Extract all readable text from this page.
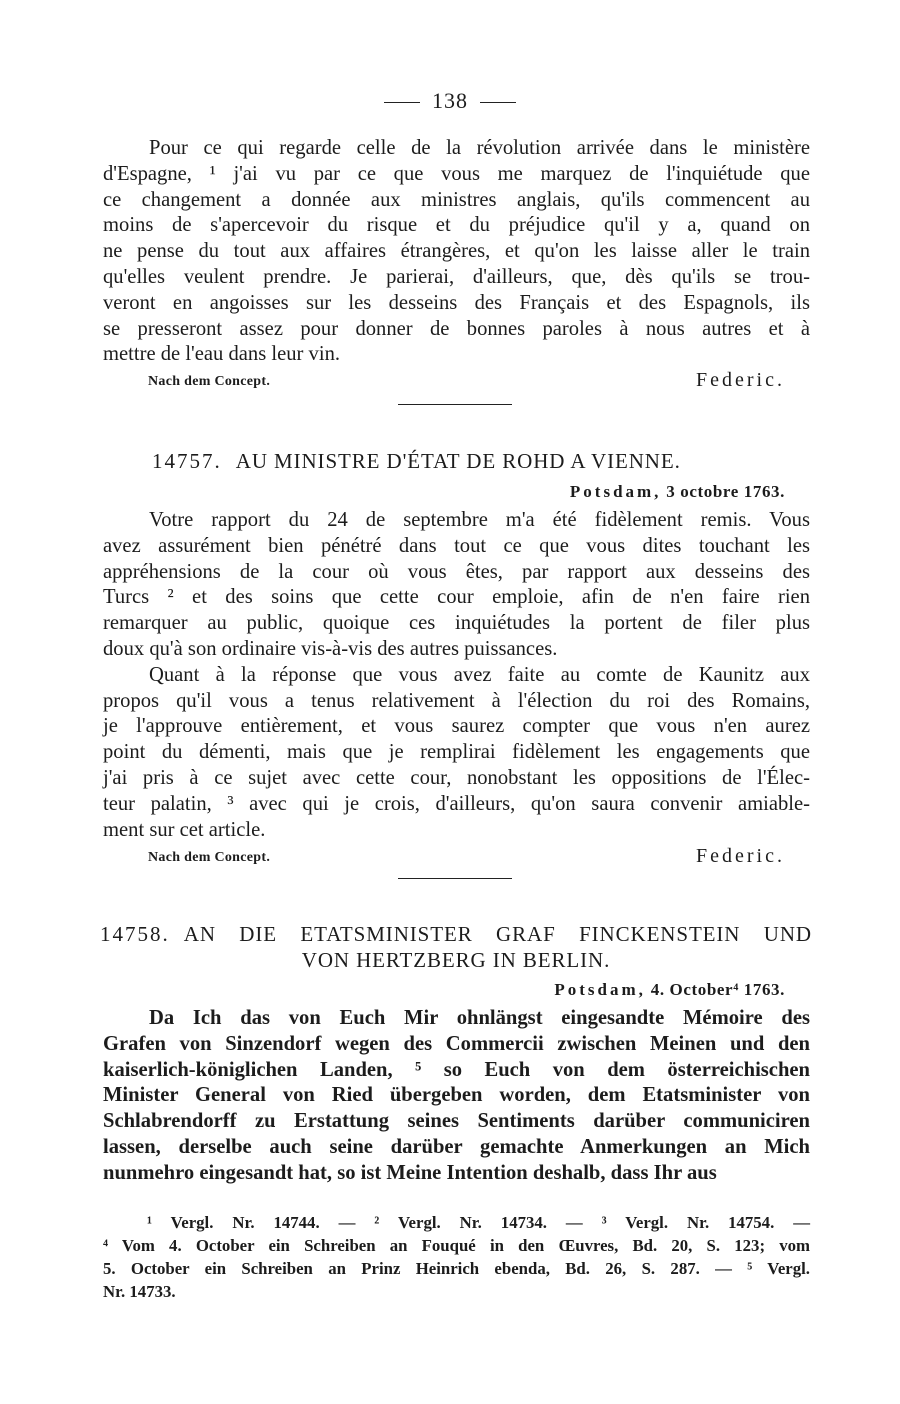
138

Pour ce qui regarde celle de la révolution arrivée dans le ministère
d'Espagne, ¹ j'ai vu par ce que vous me marquez de l'inquiétude que
ce changement a donnée aux ministres anglais, qu'ils commencent au
moins de s'apercevoir du risque et du préjudice qu'il y a, quand on
ne pense du tout aux affaires étrangères, et qu'on les laisse aller le train
qu'elles veulent prendre. Je parierai, d'ailleurs, que, dès qu'ils se trou-
veront en angoisses sur les desseins des Français et des Espagnols, ils
se presseront assez pour donner de bonnes paroles à nous autres et à
mettre de l'eau dans leur vin.

Nach dem Concept.	Federic.
14757. AU MINISTRE D'ÉTAT DE ROHD A VIENNE.
Potsdam, 3 octobre 1763.

Votre rapport du 24 de septembre m'a été fidèlement remis. Vous
avez assurément bien pénétré dans tout ce que vous dites touchant les
appréhensions de la cour où vous êtes, par rapport aux desseins des
Turcs ² et des soins que cette cour emploie, afin de n'en faire rien
remarquer au public, quoique ces inquiétudes la portent de filer plus
doux qu'à son ordinaire vis-à-vis des autres puissances.

Quant à la réponse que vous avez faite au comte de Kaunitz aux
propos qu'il vous a tenus relativement à l'élection du roi des Romains,
je l'approuve entièrement, et vous saurez compter que vous n'en aurez
point du démenti, mais que je remplirai fidèlement les engagements que
j'ai pris à ce sujet avec cette cour, nonobstant les oppositions de l'Élec-
teur palatin, ³ avec qui je crois, d'ailleurs, qu'on saura convenir amiable-
ment sur cet article.

Nach dem Concept.	Federic.
14758. AN DIE ETATSMINISTER GRAF FINCKENSTEIN UND
VON HERTZBERG IN BERLIN.
Potsdam, 4. October⁴ 1763.

Da Ich das von Euch Mir ohnlängst eingesandte Mémoire des
Grafen von Sinzendorf wegen des Commercii zwischen Meinen und den
kaiserlich-königlichen Landen, ⁵ so Euch von dem österreichischen
Minister General von Ried übergeben worden, dem Etatsminister von
Schlabrendorff zu Erstattung seines Sentiments darüber communiciren
lassen, derselbe auch seine darüber gemachte Anmerkungen an Mich
nunmehro eingesandt hat, so ist Meine Intention deshalb, dass Ihr aus

¹ Vergl. Nr. 14744. — ² Vergl. Nr. 14734. — ³ Vergl. Nr. 14754. —
⁴ Vom 4. October ein Schreiben an Fouqué in den Œuvres, Bd. 20, S. 123; vom
5. October ein Schreiben an Prinz Heinrich ebenda, Bd. 26, S. 287. — ⁵ Vergl.
Nr. 14733.
